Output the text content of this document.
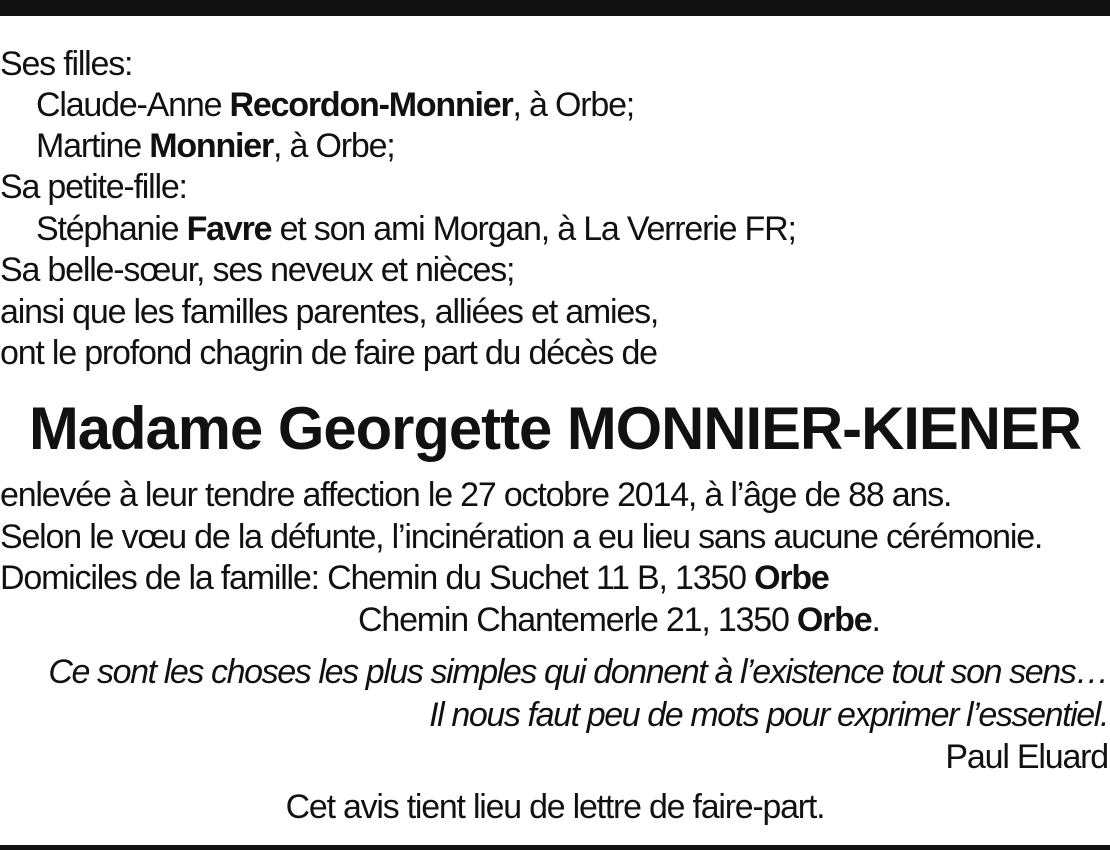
Ses filles:
Claude-Anne Recordon-Monnier, à Orbe;
Martine Monnier, à Orbe;
Sa petite-fille:
Stéphanie Favre et son ami Morgan, à La Verrerie FR;
Sa belle-sœur, ses neveux et nièces;
ainsi que les familles parentes, alliées et amies,
ont le profond chagrin de faire part du décès de
Madame Georgette MONNIER-KIENER
enlevée à leur tendre affection le 27 octobre 2014, à l’âge de 88 ans.
Selon le vœu de la défunte, l’incinération a eu lieu sans aucune cérémonie.
Domiciles de la famille: Chemin du Suchet 11 B, 1350 Orbe
Chemin Chantemerle 21, 1350 Orbe.
Ce sont les choses les plus simples qui donnent à l’existence tout son sens…
Il nous faut peu de mots pour exprimer l’essentiel.
Paul Eluard
Cet avis tient lieu de lettre de faire-part.
